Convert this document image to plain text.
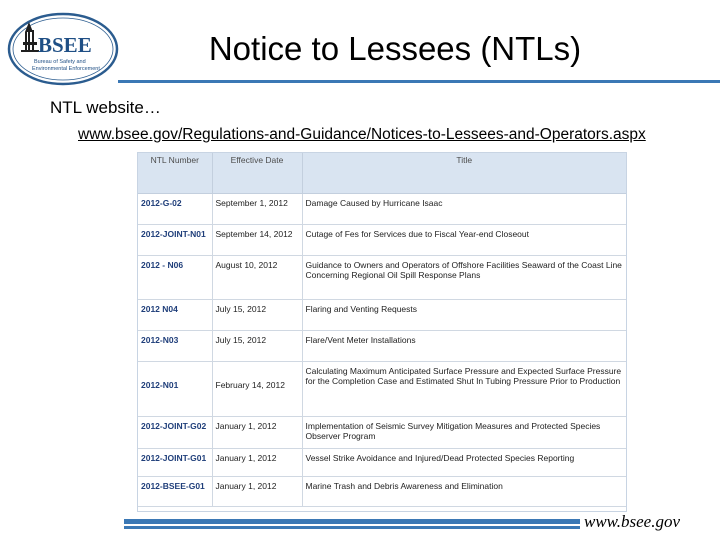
BSEE
Bureau of Safety and
Environmental Enforcement
Notice to Lessees (NTLs)
NTL website…
www.bsee.gov/Regulations-and-Guidance/Notices-to-Lessees-and-Operators.aspx
NTL Number	Effective Date	Title
2012-G-02	September 1, 2012	Damage Caused by Hurricane Isaac
2012-JOINT-N01	September 14, 2012	Cutage of Fes for Services due to Fiscal Year-end Closeout
2012 - N06	August 10, 2012	Guidance to Owners and Operators of Offshore Facilities Seaward of the Coast Line Concerning Regional Oil Spill Response Plans
2012 N04	July 15, 2012	Flaring and Venting Requests
2012-N03	July 15, 2012	Flare/Vent Meter Installations
2012-N01	February 14, 2012	Calculating Maximum Anticipated Surface Pressure and Expected Surface Pressure for the Completion Case and Estimated Shut In Tubing Pressure Prior to Production
2012-JOINT-G02	January 1, 2012	Implementation of Seismic Survey Mitigation Measures and Protected Species Observer Program
2012-JOINT-G01	January 1, 2012	Vessel Strike Avoidance and Injured/Dead Protected Species Reporting
2012-BSEE-G01	January 1, 2012	Marine Trash and Debris Awareness and Elimination
www.bsee.gov
